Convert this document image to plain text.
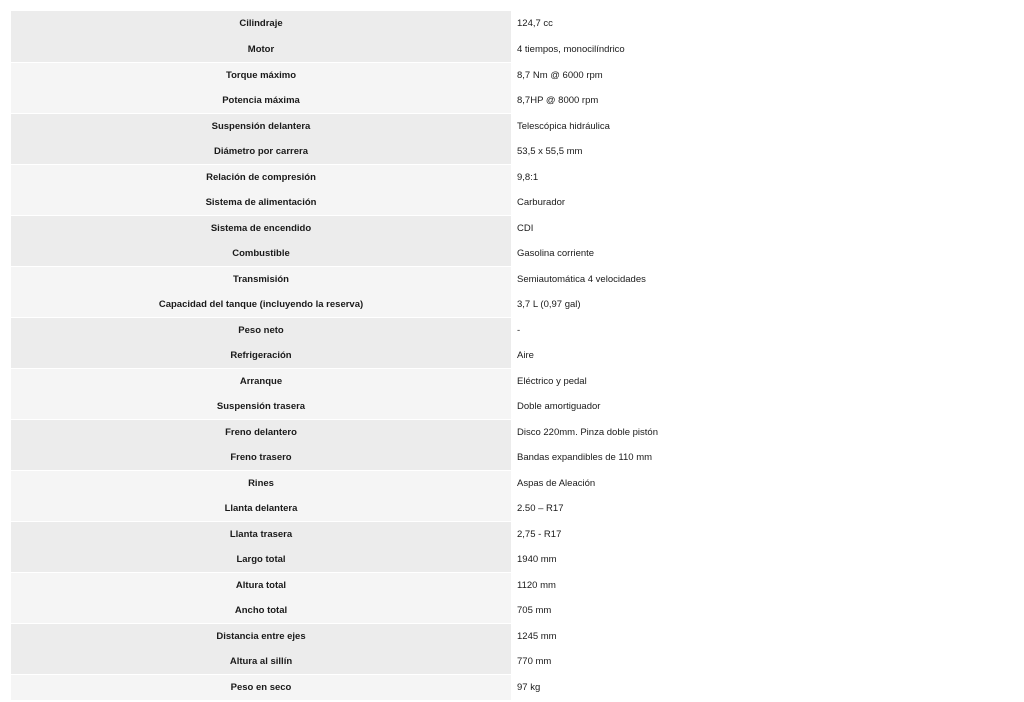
Cilindraje	124,7 cc
Motor	4 tiempos, monocilíndrico
Torque máximo	8,7 Nm @ 6000 rpm
Potencia máxima	8,7HP @ 8000 rpm
Suspensión delantera	Telescópica hidráulica
Diámetro por carrera	53,5 x 55,5 mm
Relación de compresión	9,8:1
Sistema de alimentación	Carburador
Sistema de encendido	CDI
Combustible	Gasolina corriente
Transmisión	Semiautomática 4 velocidades
Capacidad del tanque (incluyendo la reserva)	3,7 L (0,97 gal)
Peso neto	-
Refrigeración	Aire
Arranque	Eléctrico y pedal
Suspensión trasera	Doble amortiguador
Freno delantero	Disco 220mm. Pinza doble pistón
Freno trasero	Bandas expandibles de 110 mm
Rines	Aspas de Aleación
Llanta delantera	2.50 – R17
Llanta trasera	2,75 - R17
Largo total	1940 mm
Altura total	1120 mm
Ancho total	705 mm
Distancia entre ejes	1245 mm
Altura al sillín	770 mm
Peso en seco	97 kg
